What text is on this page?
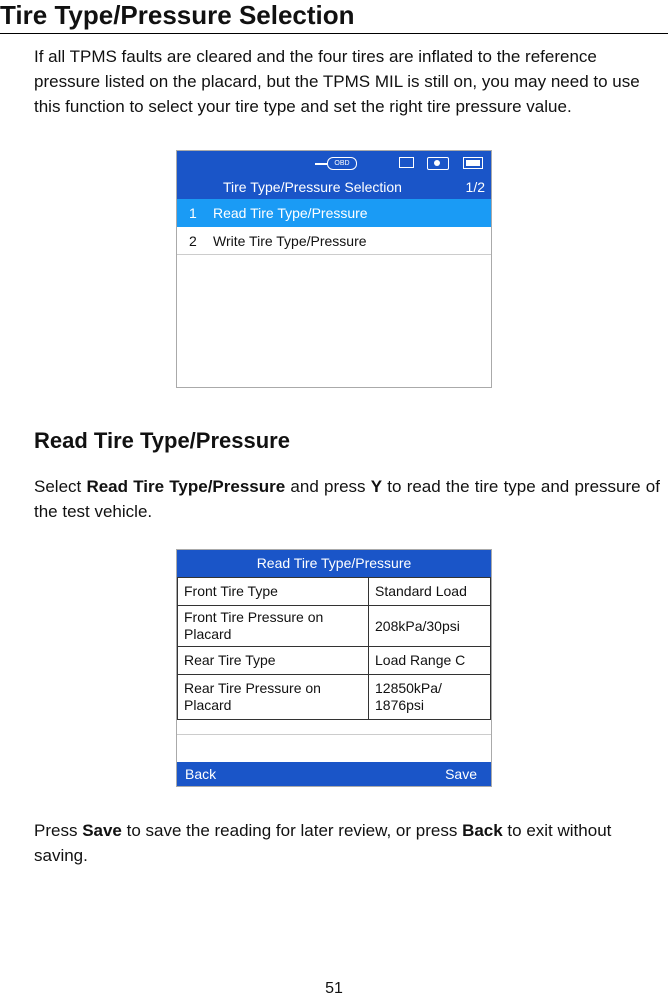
Tire Type/Pressure Selection
If all TPMS faults are cleared and the four tires are inflated to the reference pressure listed on the placard, but the TPMS MIL is still on, you may need to use this function to select your tire type and set the right tire pressure value.
OBD
Tire Type/Pressure Selection	1/2
1 Read Tire Type/Pressure
2 Write Tire Type/Pressure
Read Tire Type/Pressure
Select Read Tire Type/Pressure and press Y to read the tire type and pressure of the test vehicle.
Read Tire Type/Pressure
Front Tire Type	Standard Load
Front Tire Pressure on Placard	208kPa/30psi
Rear Tire Type	Load Range C
Rear Tire Pressure on Placard	12850kPa/ 1876psi
Back	Save
Press Save to save the reading for later review, or press Back to exit without saving.
51
